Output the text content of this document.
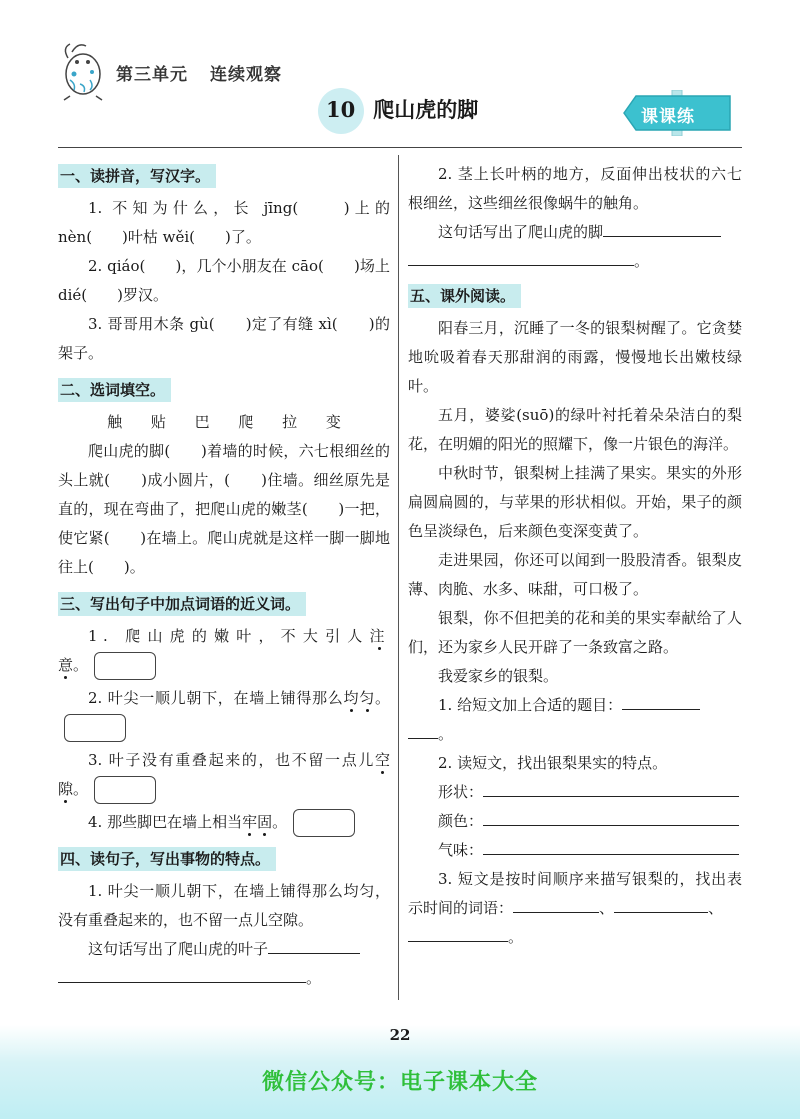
第三单元 连续观察
10 爬山虎的脚	课课练
一、读拼音，写汉字。

1. 不知为什么，长 jīng(　　)上的 nèn(　　)叶枯 wěi(　　)了。

2. qiáo(　　)，几个小朋友在 cāo(　　)场上 dié(　　)罗汉。

3. 哥哥用木条 gù(　　)定了有缝 xì(　　)的架子。

二、选词填空。

触 贴 巴 爬 拉 变

爬山虎的脚(　　)着墙的时候，六七根细丝的头上就(　　)成小圆片，(　　)住墙。细丝原先是直的，现在弯曲了，把爬山虎的嫩茎(　　)一把，使它紧(　　)在墙上。爬山虎就是这样一脚一脚地往上(　　)。

三、写出句子中加点词语的近义词。

1. 爬山虎的嫩叶，不大引人注意。

2. 叶尖一顺儿朝下，在墙上铺得那么均匀。

3. 叶子没有重叠起来的，也不留一点儿空隙。

4. 那些脚巴在墙上相当牢固。

四、读句子，写出事物的特点。

1. 叶尖一顺儿朝下，在墙上铺得那么均匀，没有重叠起来的，也不留一点儿空隙。

这句话写出了爬山虎的叶子

。

2. 茎上长叶柄的地方，反面伸出枝状的六七根细丝，这些细丝很像蜗牛的触角。

这句话写出了爬山虎的脚

。

五、课外阅读。

阳春三月，沉睡了一冬的银梨树醒了。它贪婪地吮吸着春天那甜润的雨露，慢慢地长出嫩枝绿叶。

五月，婆娑(suō)的绿叶衬托着朵朵洁白的梨花，在明媚的阳光的照耀下，像一片银色的海洋。

中秋时节，银梨树上挂满了果实。果实的外形扁圆扁圆的，与苹果的形状相似。开始，果子的颜色呈淡绿色，后来颜色变深变黄了。

走进果园，你还可以闻到一股股清香。银梨皮薄、肉脆、水多、味甜，可口极了。

银梨，你不但把美的花和美的果实奉献给了人们，还为家乡人民开辟了一条致富之路。

我爱家乡的银梨。

1. 给短文加上合适的题目：

。

2. 读短文，找出银梨果实的特点。

形状：

颜色：

气味：

3. 短文是按时间顺序来描写银梨的，找出表示时间的词语：	、	、

。

22
微信公众号：电子课本大全
